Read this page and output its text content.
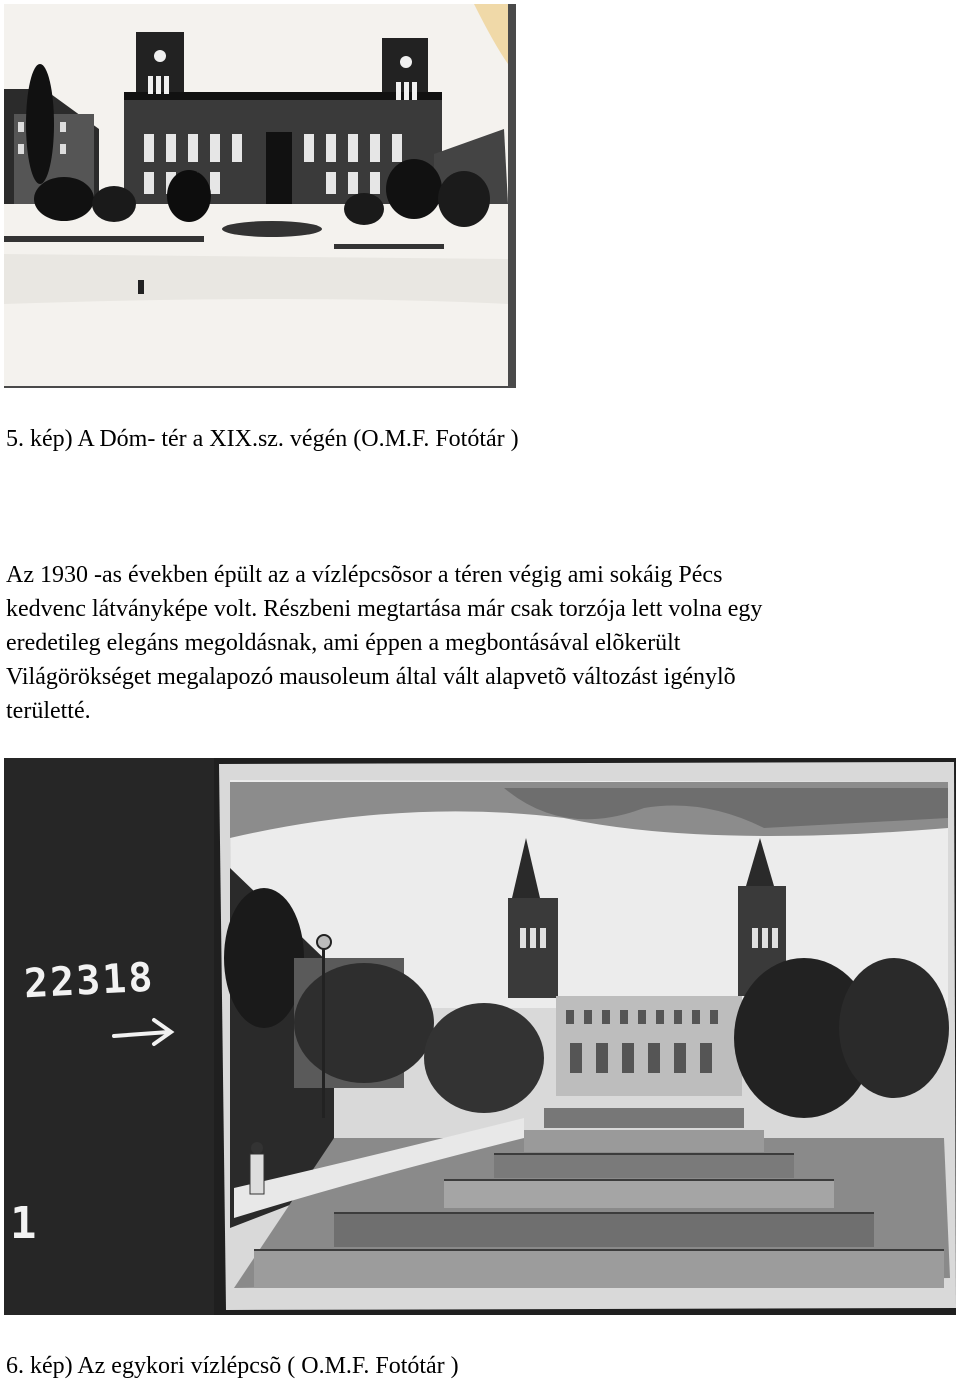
5. kép) A Dóm- tér a XIX.sz. végén (O.M.F. Fotótár )

Az 1930 -as években épült az a vízlépcsõsor a téren végig ami sokáig Pécs

kedvenc látványképe volt. Részbeni megtartása már csak torzója lett volna egy

eredetileg elegáns megoldásnak, ami éppen a megbontásával elõkerült

Világörökséget megalapozó mausoleum által vált alapvetõ változást igénylõ

területté.

22318
1
6. kép) Az egykori vízlépcsõ ( O.M.F. Fotótár )
